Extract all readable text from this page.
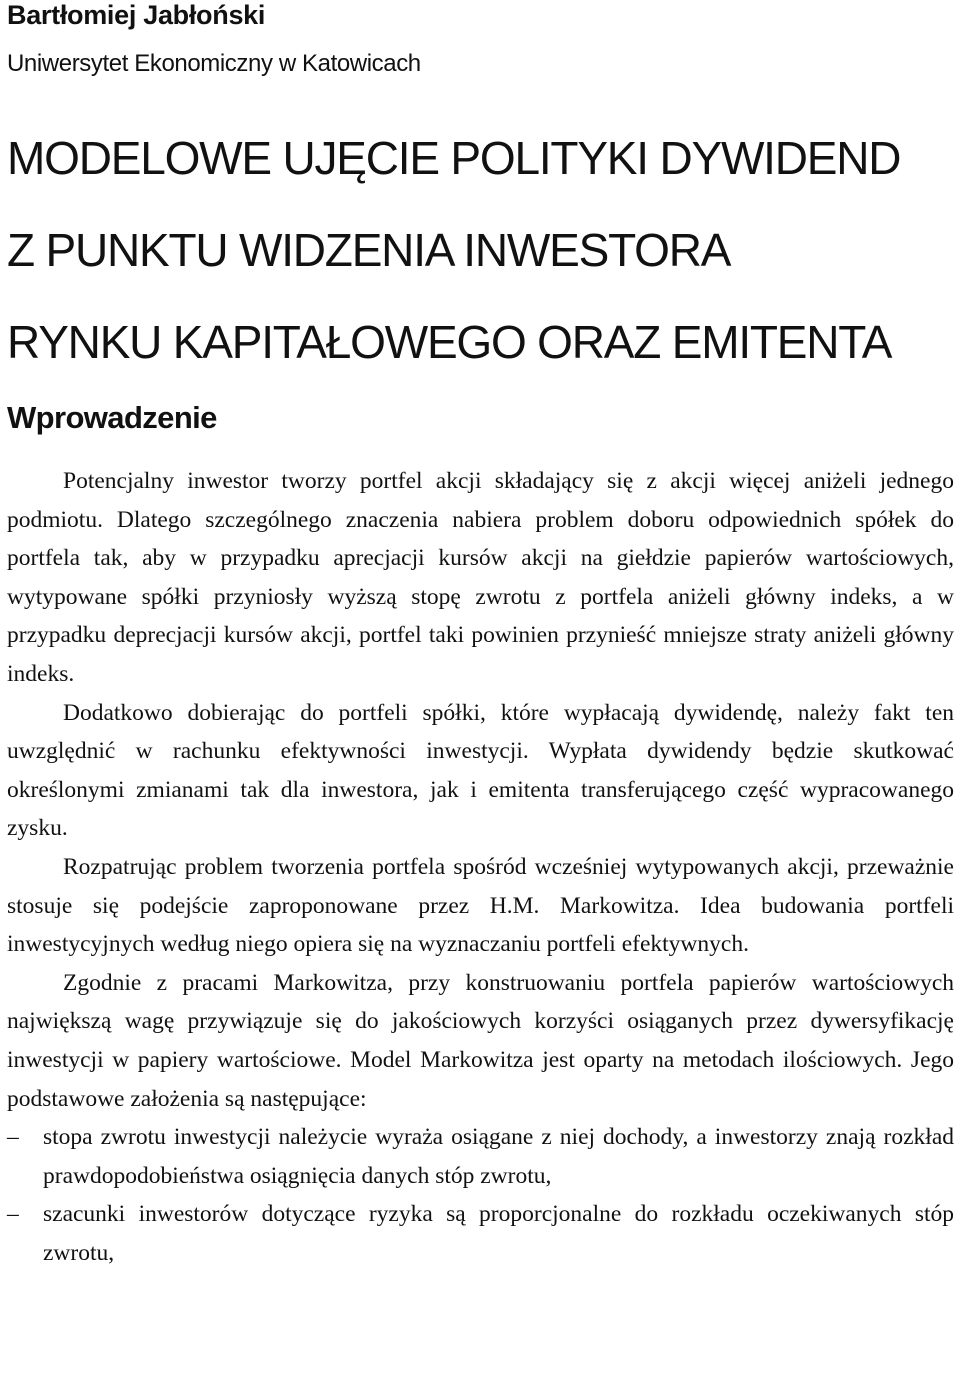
Bartłomiej Jabłoński
Uniwersytet Ekonomiczny w Katowicach
MODELOWE UJĘCIE POLITYKI DYWIDEND
Z PUNKTU WIDZENIA INWESTORA
RYNKU KAPITAŁOWEGO ORAZ EMITENTA
Wprowadzenie

Potencjalny inwestor tworzy portfel akcji składający się z akcji więcej aniżeli jednego podmiotu. Dlatego szczególnego znaczenia nabiera problem doboru odpowiednich spółek do portfela tak, aby w przypadku aprecjacji kursów akcji na giełdzie papierów wartościowych, wytypowane spółki przyniosły wyższą stopę zwrotu z portfela aniżeli główny indeks, a w przypadku deprecjacji kursów akcji, portfel taki powinien przynieść mniejsze straty aniżeli główny indeks.

Dodatkowo dobierając do portfeli spółki, które wypłacają dywidendę, należy fakt ten uwzględnić w rachunku efektywności inwestycji. Wypłata dywidendy będzie skutkować określonymi zmianami tak dla inwestora, jak i emitenta transferującego część wypracowanego zysku.

Rozpatrując problem tworzenia portfela spośród wcześniej wytypowanych akcji, przeważnie stosuje się podejście zaproponowane przez H.M. Markowitza. Idea budowania portfeli inwestycyjnych według niego opiera się na wyznaczaniu portfeli efektywnych.

Zgodnie z pracami Markowitza, przy konstruowaniu portfela papierów wartościowych największą wagę przywiązuje się do jakościowych korzyści osiąganych przez dywersyfikację inwestycji w papiery wartościowe. Model Markowitza jest oparty na metodach ilościowych. Jego podstawowe założenia są następujące:

– stopa zwrotu inwestycji należycie wyraża osiągane z niej dochody, a inwestorzy znają rozkład prawdopodobieństwa osiągnięcia danych stóp zwrotu,
– szacunki inwestorów dotyczące ryzyka są proporcjonalne do rozkładu oczekiwanych stóp zwrotu,
